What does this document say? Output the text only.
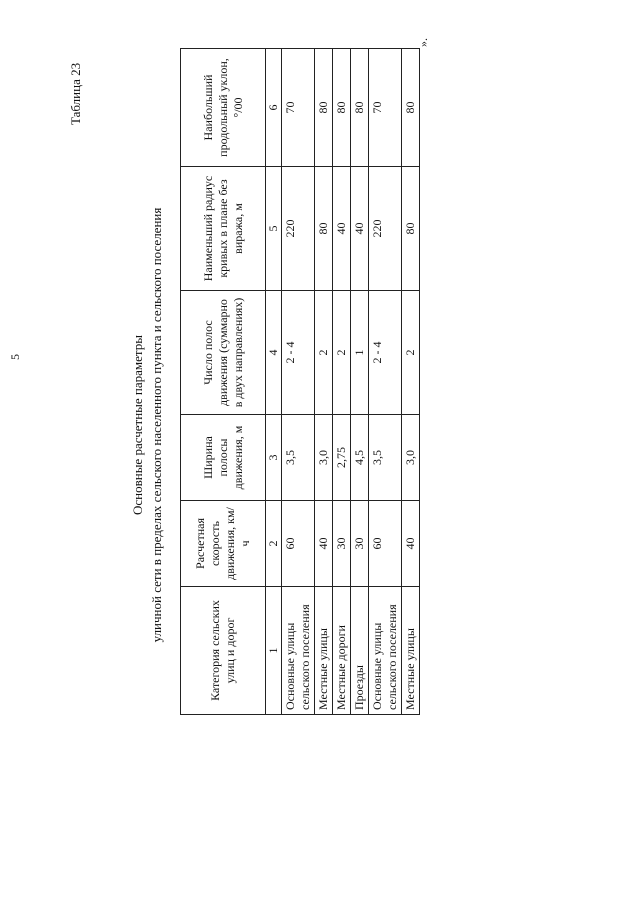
5
Таблица 23
Основные расчетные параметры уличной сети в пределах сельского населенного пункта и сельского поселения
Категория сельских улиц и дорог	Расчетная скорость движения, км/ч	Ширина полосы движения, м	Число полос движения (суммарно в двух направлениях)	Наименьший радиус кривых в плане без виража, м	Наибольший продольный уклон, °/00
1	2	3	4	5	6
Основные улицы сельского поселения	60	3,5	2 - 4	220	70
Местные улицы	40	3,0	2	80	80
Местные дороги	30	2,75	2	40	80
Проезды	30	4,5	1	40	80
Основные улицы сельского поселения	60	3,5	2 - 4	220	70
Местные улицы	40	3,0	2	80	80
».
